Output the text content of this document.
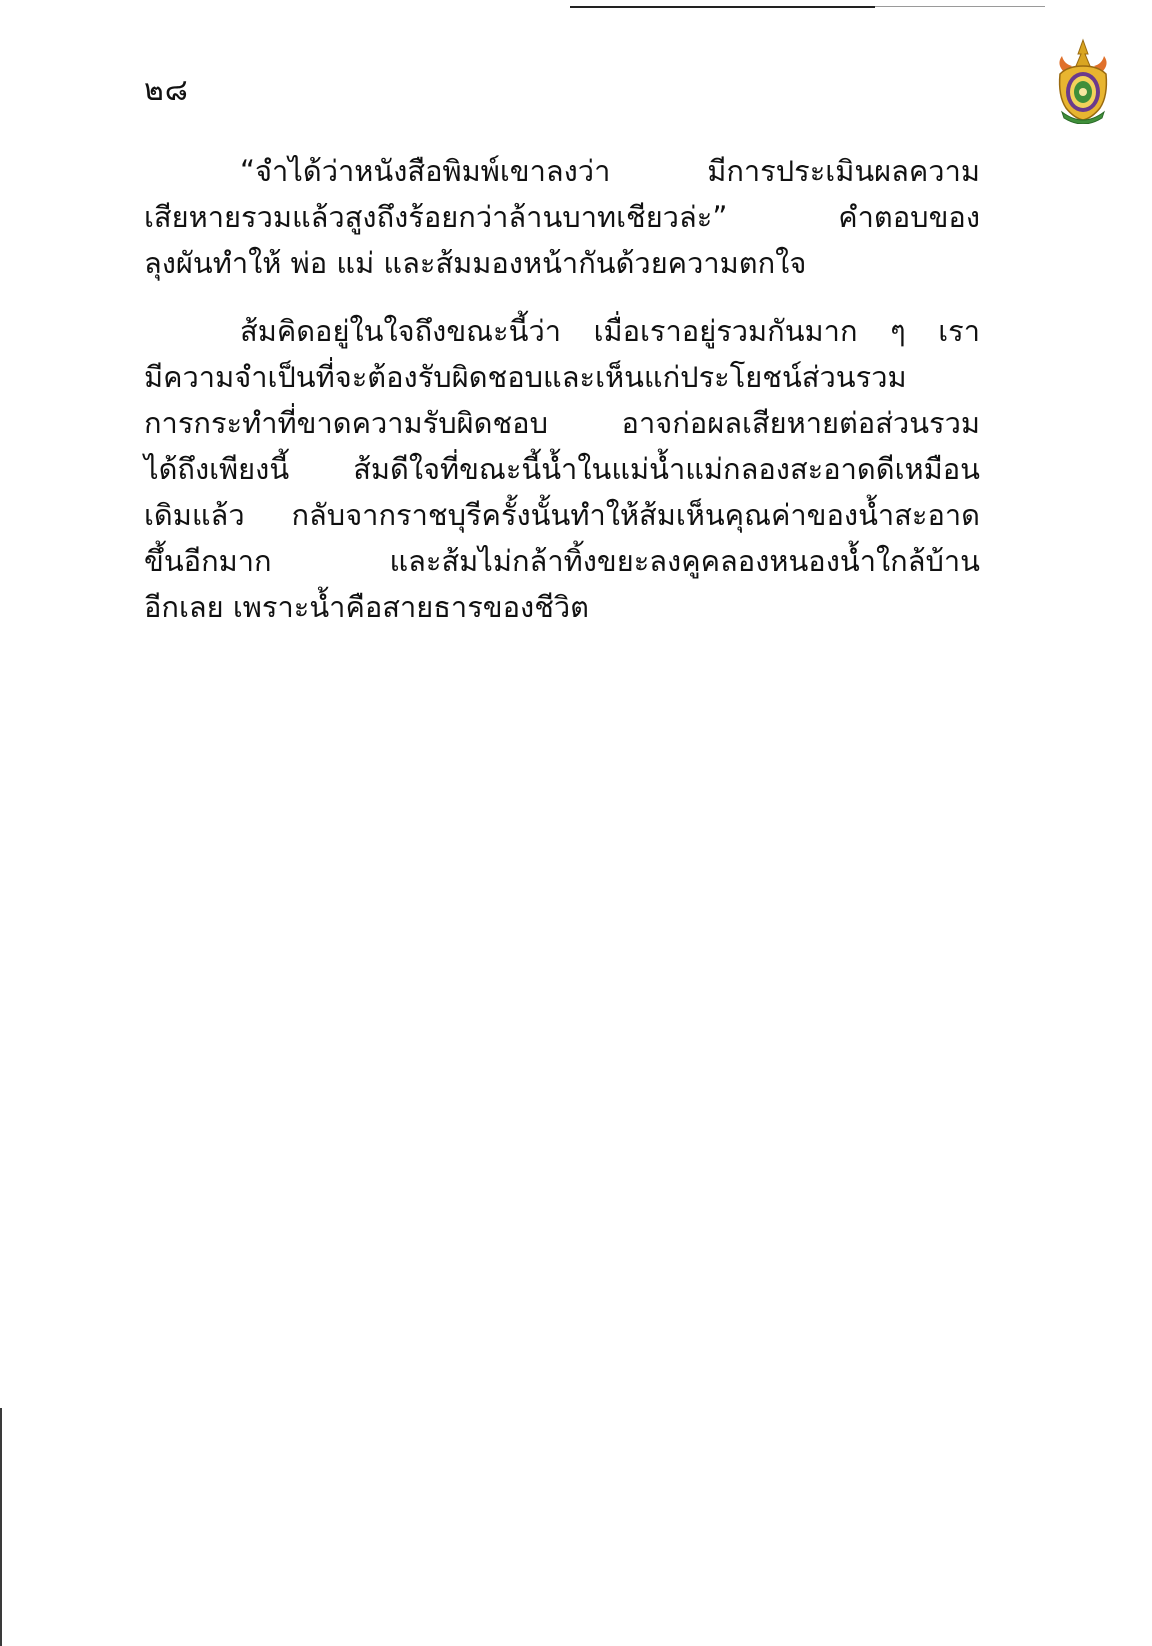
๒๘

“จำได้ว่าหนังสือพิมพ์เขาลงว่า มีการประเมินผลความ
เสียหายรวมแล้วสูงถึงร้อยกว่าล้านบาทเชียวล่ะ” คำตอบของ
ลุงผันทำให้ พ่อ แม่ และส้มมองหน้ากันด้วยความตกใจ

ส้มคิดอยู่ในใจถึงขณะนี้ว่า เมื่อเราอยู่รวมกันมาก ๆ เรา
มีความจำเป็นที่จะต้องรับผิดชอบและเห็นแก่ประโยชน์ส่วนรวม
การกระทำที่ขาดความรับผิดชอบ อาจก่อผลเสียหายต่อส่วนรวม
ได้ถึงเพียงนี้ ส้มดีใจที่ขณะนี้น้ำในแม่น้ำแม่กลองสะอาดดีเหมือน
เดิมแล้ว กลับจากราชบุรีครั้งนั้นทำให้ส้มเห็นคุณค่าของน้ำสะอาด
ขึ้นอีกมาก และส้มไม่กล้าทิ้งขยะลงคูคลองหนองน้ำใกล้บ้าน
อีกเลย เพราะน้ำคือสายธารของชีวิต
